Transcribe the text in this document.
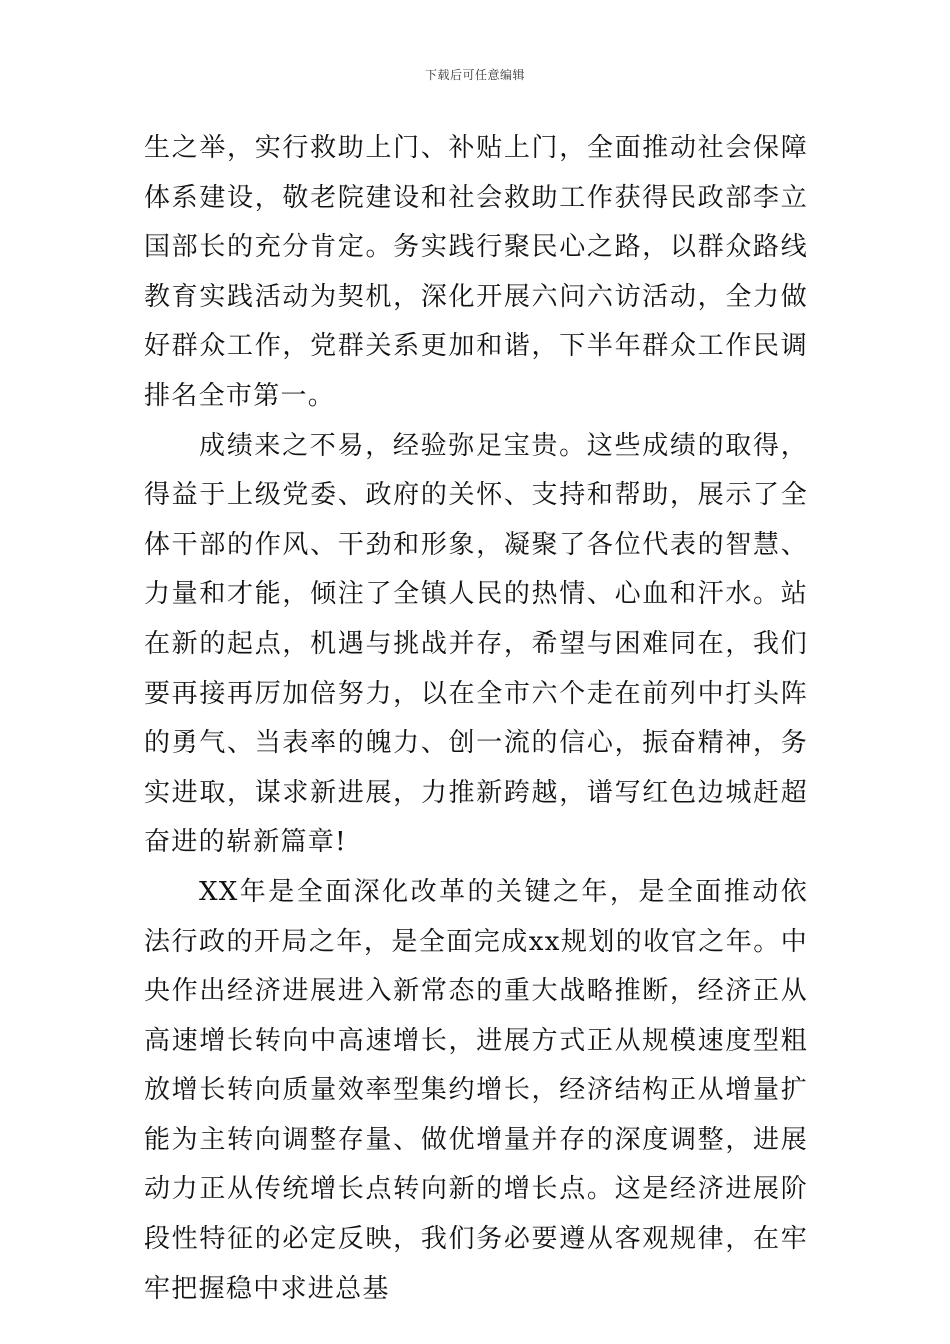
下载后可任意编辑

生之举，实行救助上门、补贴上门，全面推动社会保障体系建设，敬老院建设和社会救助工作获得民政部李立国部长的充分肯定。务实践行聚民心之路，以群众路线教育实践活动为契机，深化开展六问六访活动，全力做好群众工作，党群关系更加和谐，下半年群众工作民调排名全市第一。

成绩来之不易，经验弥足宝贵。这些成绩的取得，得益于上级党委、政府的关怀、支持和帮助，展示了全体干部的作风、干劲和形象，凝聚了各位代表的智慧、力量和才能，倾注了全镇人民的热情、心血和汗水。站在新的起点，机遇与挑战并存，希望与困难同在，我们要再接再厉加倍努力，以在全市六个走在前列中打头阵的勇气、当表率的魄力、创一流的信心，振奋精神，务实进取，谋求新进展，力推新跨越，谱写红色边城赶超奋进的崭新篇章!

XX年是全面深化改革的关键之年，是全面推动依法行政的开局之年，是全面完成xx规划的收官之年。中央作出经济进展进入新常态的重大战略推断，经济正从高速增长转向中高速增长，进展方式正从规模速度型粗放增长转向质量效率型集约增长，经济结构正从增量扩能为主转向调整存量、做优增量并存的深度调整，进展动力正从传统增长点转向新的增长点。这是经济进展阶段性特征的必定反映，我们务必要遵从客观规律，在牢牢把握稳中求进总基
